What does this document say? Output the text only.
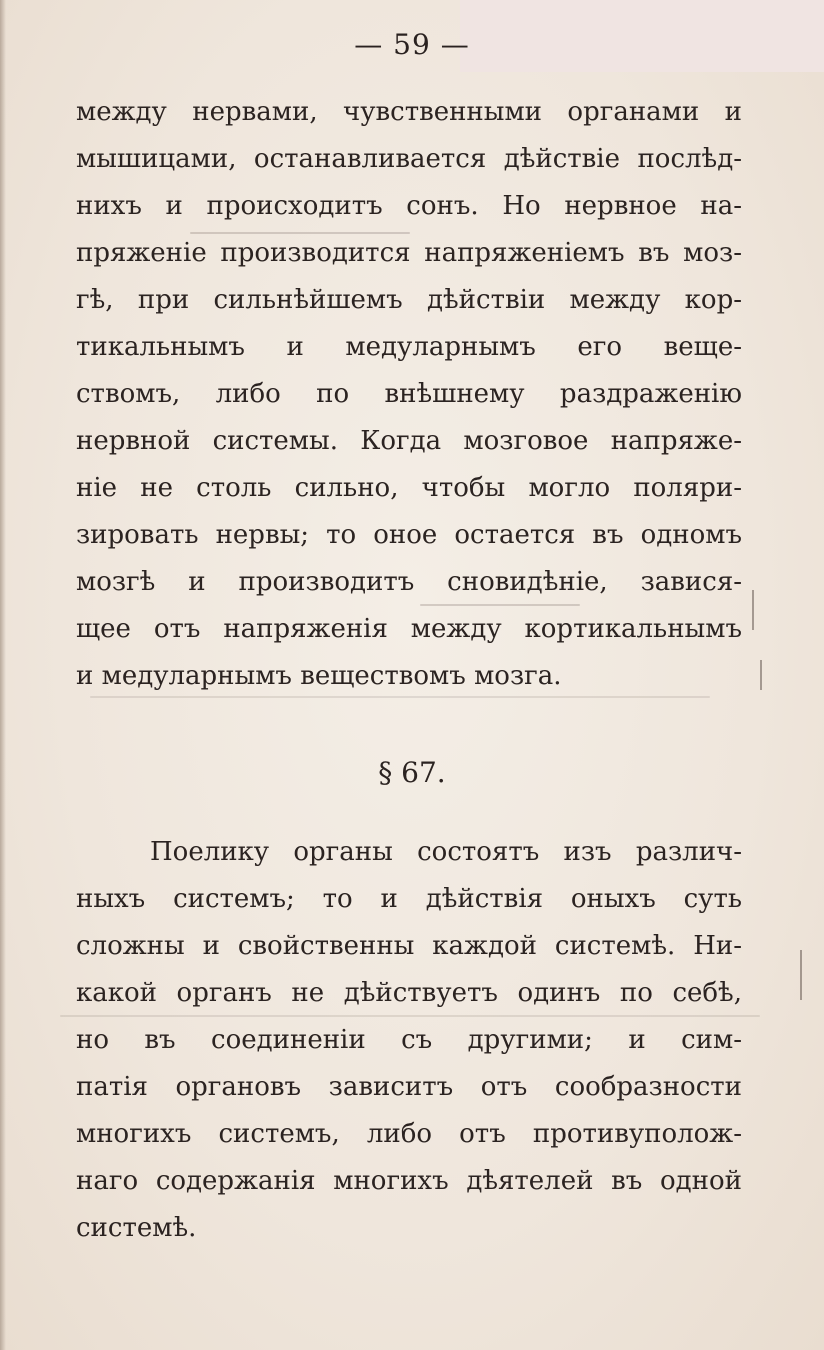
— 59 —
между нервами, чувственными органами и
мышицами, останавливается дѣйствіе послѣд-
нихъ и происходитъ сонъ. Но нервное на-
пряженіе производится напряженіемъ въ моз-
гѣ, при сильнѣйшемъ дѣйствіи между кор-
тикальнымъ и медуларнымъ его веще-
ствомъ, либо по внѣшнему раздраженію
нервной системы. Когда мозговое напряже-
ніе не столь сильно, чтобы могло поляри-
зировать нервы; то оное остается въ одномъ
мозгѣ и производитъ сновидѣніе, завися-
щее отъ напряженія между кортикальнымъ
и медуларнымъ веществомъ мозга.
§ 67.
Поелику органы состоятъ изъ различ-
ныхъ системъ; то и дѣйствія оныхъ суть
сложны и свойственны каждой системѣ. Ни-
какой органъ не дѣйствуетъ одинъ по себѣ,
но въ соединеніи съ другими; и сим-
патія органовъ зависитъ отъ сообразности
многихъ системъ, либо отъ противуполож-
наго содержанія многихъ дѣятелей въ одной
системѣ.
